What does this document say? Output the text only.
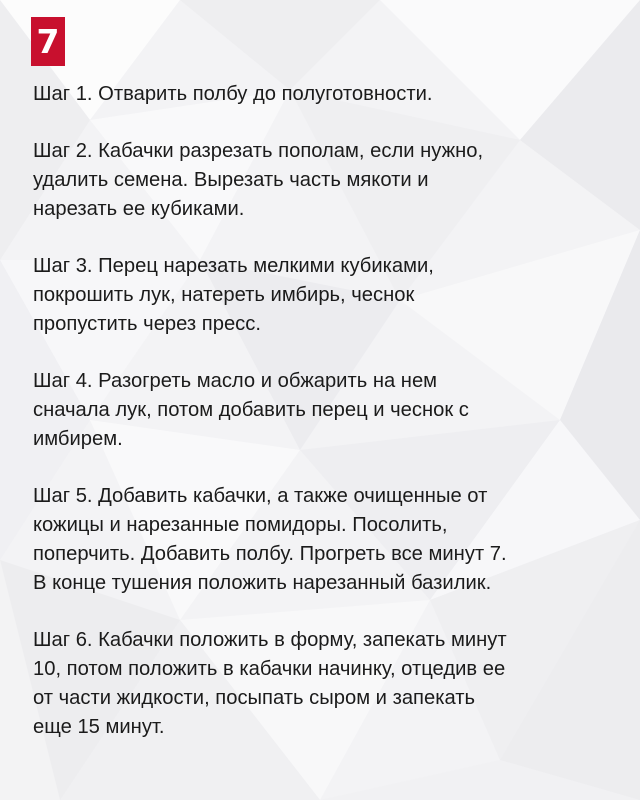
7

Шаг 1. Отварить полбу до полуготовности.

Шаг 2. Кабачки разрезать пополам, если нужно,
удалить семена. Вырезать часть мякоти и
нарезать ее кубиками.

Шаг 3. Перец нарезать мелкими кубиками,
покрошить лук, натереть имбирь, чеснок
пропустить через пресс.

Шаг 4. Разогреть масло и обжарить на нем
сначала лук, потом добавить перец и чеснок с
имбирем.

Шаг 5. Добавить кабачки, а также очищенные от
кожицы и нарезанные помидоры. Посолить,
поперчить. Добавить полбу. Прогреть все минут 7.
В конце тушения положить нарезанный базилик.

Шаг 6. Кабачки положить в форму, запекать минут
10, потом положить в кабачки начинку, отцедив ее
от части жидкости, посыпать сыром и запекать
еще 15 минут.
